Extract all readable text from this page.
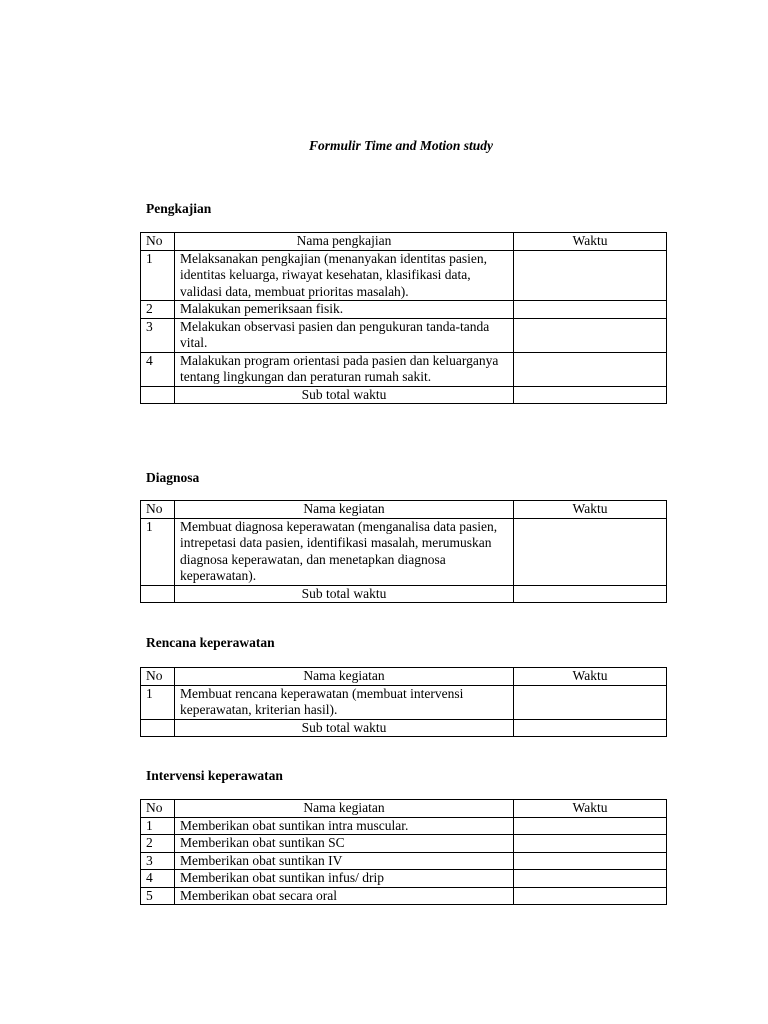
Formulir Time and Motion study
Pengkajian
No	Nama pengkajian	Waktu
1	Melaksanakan pengkajian (menanyakan identitas pasien, identitas keluarga, riwayat kesehatan, klasifikasi data, validasi data, membuat prioritas masalah).	
2	Malakukan pemeriksaan fisik.	
3	Melakukan observasi pasien dan pengukuran tanda-tanda vital.	
4	Malakukan program orientasi pada pasien dan keluarganya tentang lingkungan dan peraturan rumah sakit.	
	Sub total waktu	
Diagnosa
No	Nama kegiatan	Waktu
1	Membuat diagnosa keperawatan (menganalisa data pasien, intrepetasi data pasien, identifikasi masalah, merumuskan diagnosa keperawatan, dan menetapkan diagnosa keperawatan).	
	Sub total waktu	
Rencana keperawatan
No	Nama kegiatan	Waktu
1	Membuat rencana keperawatan (membuat intervensi keperawatan, kriterian hasil).	
	Sub total waktu	
Intervensi keperawatan
No	Nama kegiatan	Waktu
1	Memberikan obat suntikan intra muscular.	
2	Memberikan obat suntikan SC	
3	Memberikan obat suntikan IV	
4	Memberikan obat suntikan infus/ drip	
5	Memberikan obat secara oral	
